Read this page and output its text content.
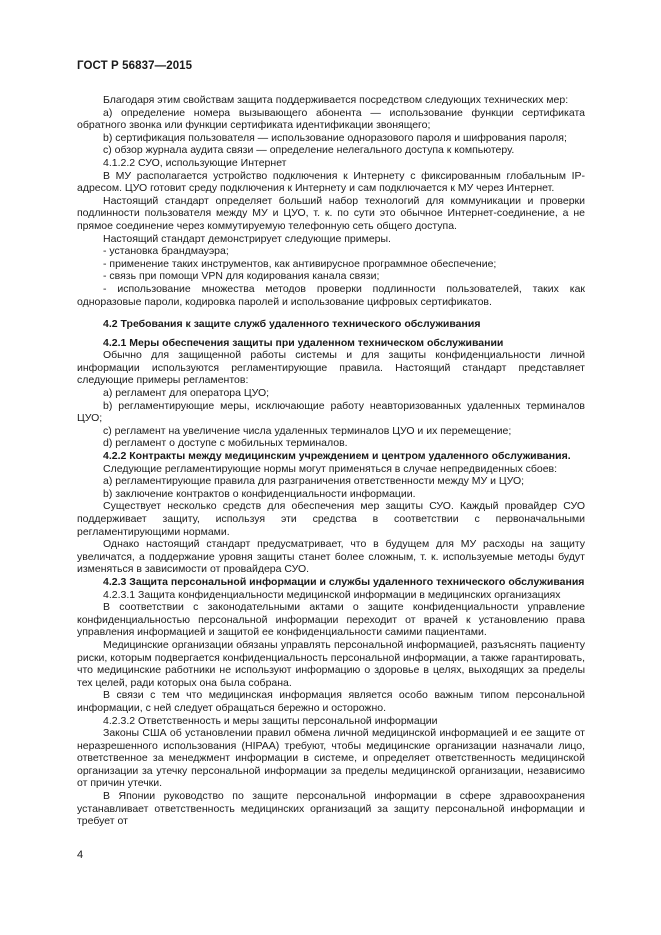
ГОСТ Р 56837—2015

Благодаря этим свойствам защита поддерживается посредством следующих технических мер:

a) определение номера вызывающего абонента — использование функции сертификата обратного звонка или функции сертификата идентификации звонящего;

b) сертификация пользователя — использование одноразового пароля и шифрования пароля;

c) обзор журнала аудита связи — определение нелегального доступа к компьютеру.

4.1.2.2 СУО, использующие Интернет

В МУ располагается устройство подключения к Интернету с фиксированным глобальным IP-адресом. ЦУО готовит среду подключения к Интернету и сам подключается к МУ через Интернет.

Настоящий стандарт определяет больший набор технологий для коммуникации и проверки подлинности пользователя между МУ и ЦУО, т. к. по сути это обычное Интернет-соединение, а не прямое соединение через коммутируемую телефонную сеть общего доступа.

Настоящий стандарт демонстрирует следующие примеры.

- установка брандмауэра;

- применение таких инструментов, как антивирусное программное обеспечение;

- связь при помощи VPN для кодирования канала связи;

- использование множества методов проверки подлинности пользователей, таких как одноразовые пароли, кодировка паролей и использование цифровых сертификатов.

4.2 Требования к защите служб удаленного технического обслуживания

4.2.1 Меры обеспечения защиты при удаленном техническом обслуживании

Обычно для защищенной работы системы и для защиты конфиденциальности личной информации используются регламентирующие правила. Настоящий стандарт представляет следующие примеры регламентов:

a) регламент для оператора ЦУО;

b) регламентирующие меры, исключающие работу неавторизованных удаленных терминалов ЦУО;

c) регламент на увеличение числа удаленных терминалов ЦУО и их перемещение;

d) регламент о доступе с мобильных терминалов.

4.2.2 Контракты между медицинским учреждением и центром удаленного обслуживания.

Следующие регламентирующие нормы могут применяться в случае непредвиденных сбоев:

a) регламентирующие правила для разграничения ответственности между МУ и ЦУО;

b) заключение контрактов о конфиденциальности информации.

Существует несколько средств для обеспечения мер защиты СУО. Каждый провайдер СУО поддерживает защиту, используя эти средства в соответствии с первоначальными регламентирующими нормами.

Однако настоящий стандарт предусматривает, что в будущем для МУ расходы на защиту увеличатся, а поддержание уровня защиты станет более сложным, т. к. используемые методы будут изменяться в зависимости от провайдера СУО.

4.2.3 Защита персональной информации и службы удаленного технического обслуживания

4.2.3.1 Защита конфиденциальности медицинской информации в медицинских организациях

В соответствии с законодательными актами о защите конфиденциальности управление конфиденциальностью персональной информации переходит от врачей к установлению права управления информацией и защитой ее конфиденциальности самими пациентами.

Медицинские организации обязаны управлять персональной информацией, разъяснять пациенту риски, которым подвергается конфиденциальность персональной информации, а также гарантировать, что медицинские работники не используют информацию о здоровье в целях, выходящих за пределы тех целей, ради которых она была собрана.

В связи с тем что медицинская информация является особо важным типом персональной информации, с ней следует обращаться бережно и осторожно.

4.2.3.2 Ответственность и меры защиты персональной информации

Законы США об установлении правил обмена личной медицинской информацией и ее защите от неразрешенного использования (HIPAA) требуют, чтобы медицинские организации назначали лицо, ответственное за менеджмент информации в системе, и определяет ответственность медицинской организации за утечку персональной информации за пределы медицинской организации, независимо от причин утечки.

В Японии руководство по защите персональной информации в сфере здравоохранения устанавливает ответственность медицинских организаций за защиту персональной информации и требует от

4
